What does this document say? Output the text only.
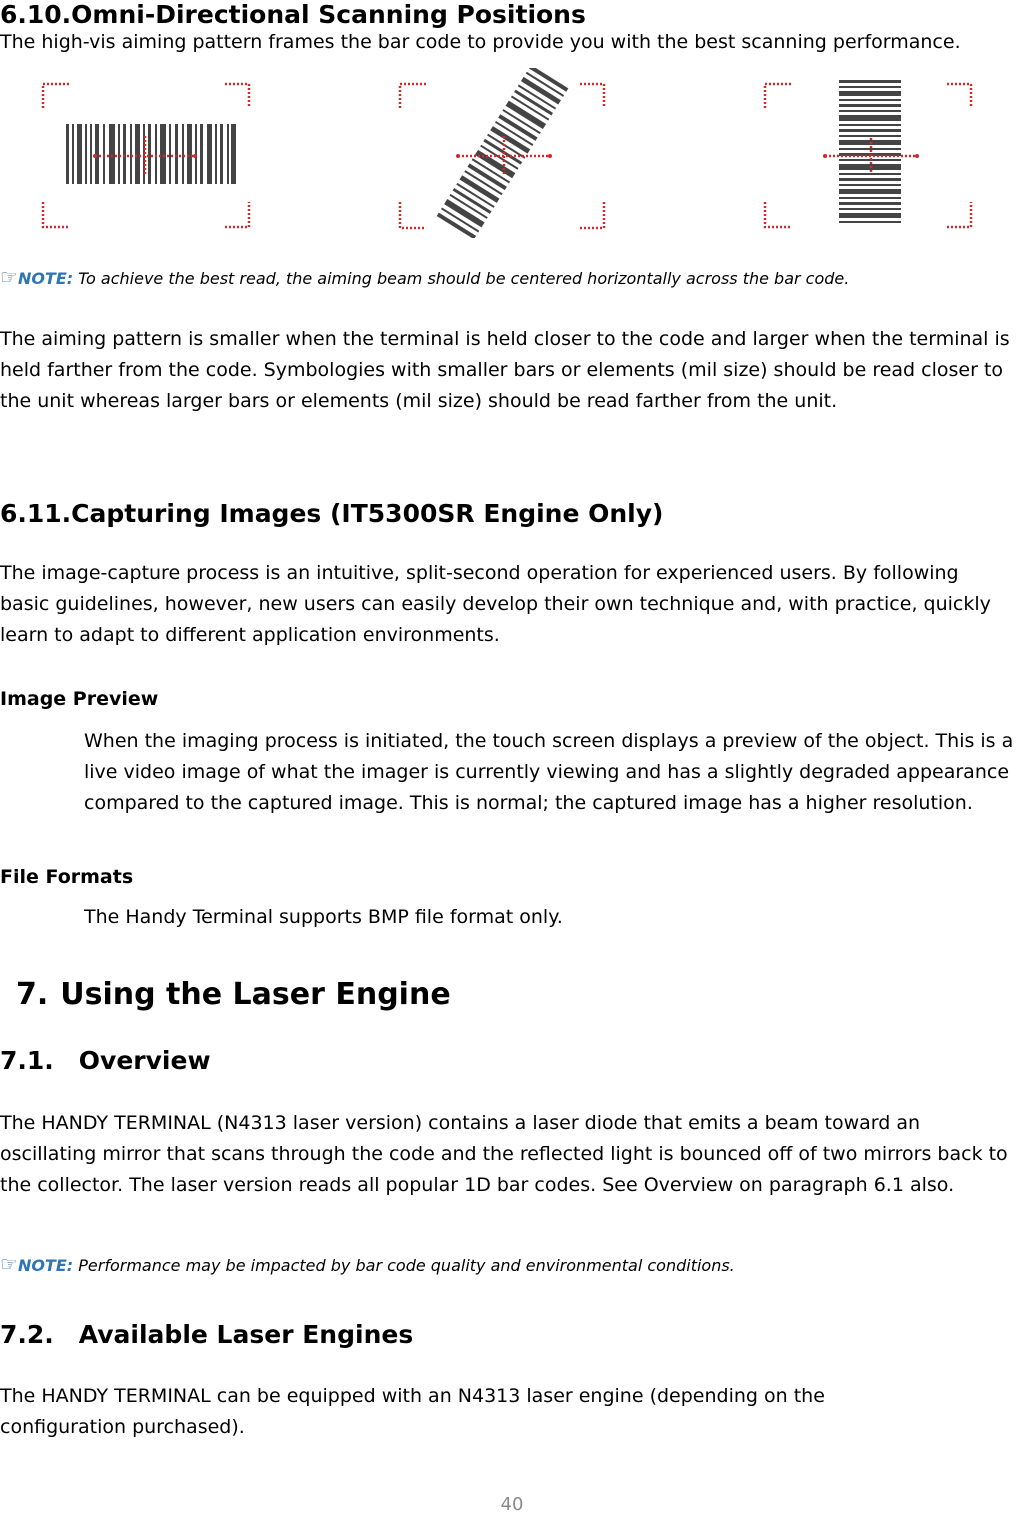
6.10.Omni-Directional Scanning Positions

The high-vis aiming pattern frames the bar code to provide you with the best scanning performance.

☞NOTE: To achieve the best read, the aiming beam should be centered horizontally across the bar code.

The aiming pattern is smaller when the terminal is held closer to the code and larger when the terminal is held farther from the code. Symbologies with smaller bars or elements (mil size) should be read closer to the unit whereas larger bars or elements (mil size) should be read farther from the unit.

6.11.Capturing Images (IT5300SR Engine Only)

The image-capture process is an intuitive, split-second operation for experienced users. By following basic guidelines, however, new users can easily develop their own technique and, with practice, quickly learn to adapt to different application environments.

Image Preview

When the imaging process is initiated, the touch screen displays a preview of the object. This is a live video image of what the imager is currently viewing and has a slightly degraded appearance compared to the captured image. This is normal; the captured image has a higher resolution.

File Formats

The Handy Terminal supports BMP file format only.

7. Using the Laser Engine
7.1. Overview

The HANDY TERMINAL (N4313 laser version) contains a laser diode that emits a beam toward an oscillating mirror that scans through the code and the reflected light is bounced off of two mirrors back to the collector. The laser version reads all popular 1D bar codes. See Overview on paragraph 6.1 also.

☞NOTE: Performance may be impacted by bar code quality and environmental conditions.

7.2. Available Laser Engines

The HANDY TERMINAL can be equipped with an N4313 laser engine (depending on the configuration purchased).

40
